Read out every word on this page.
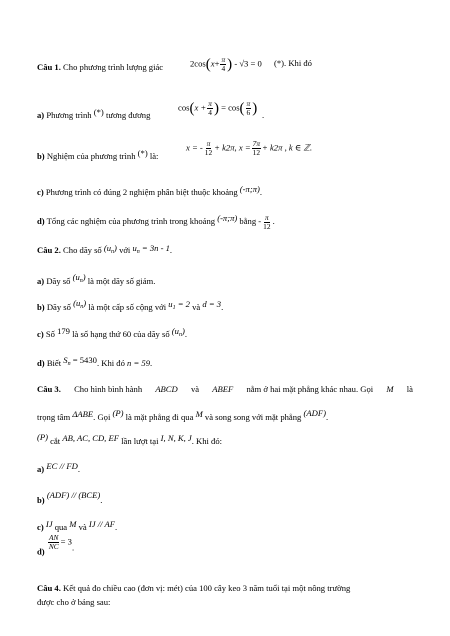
Câu 1. Cho phương trình lượng giác	$2\cos(x+ \frac{\pi}{4}$ ) - √3 = 0 (*). Khi đó
a) Phương trình (*) tương đương
$\cos(x + \frac{\pi}{4}$ ) = $\cos( \frac{\pi}{6}$ ) .
b) Nghiệm của phương trình (*) là:
x = - $\frac{\pi}{12} + k2\pi$, $x = \frac{7\pi}{12} + k2\pi$ , k ∈ ℤ.
c) Phương trình có đúng 2 nghiệm phân biệt thuộc khoảng (-π;π).
d) Tổng các nghiệm của phương trình trong khoảng (-π;π) bằng - $\frac{\pi}{12}$ .
Câu 2. Cho dãy số $(u_n)$ với $u_n = 3n - 1$.
a) Dãy số $(u_n)$ là một dãy số giảm.
b) Dãy số $(u_n)$ là một cấp số cộng với $u_1 = 2$ và d = 3.
c) Số 179 là số hạng thứ 60 của dãy số $(u_n)$.
d) Biết $S_n = 5430$. Khi đó n = 59.
Câu 3. Cho hình bình hành ABCD và ABEF nằm ở hai mặt phẳng khác nhau. Gọi M là
trọng tâm ΔABE. Gọi (P) là mặt phẳng đi qua M và song song với mặt phẳng (ADF).
(P) cắt AB, AC, CD, EF lần lượt tại I, N, K, J. Khi đó:
a) EC // FD.
b) (ADF) // (BCE).
c) IJ qua M và IJ // AF.
d)
$\frac{AN}{NC} = 3$.
Câu 4. Kết quả đo chiều cao (đơn vị: mét) của 100 cây keo 3 năm tuổi tại một nông trường
được cho ở bảng sau:
